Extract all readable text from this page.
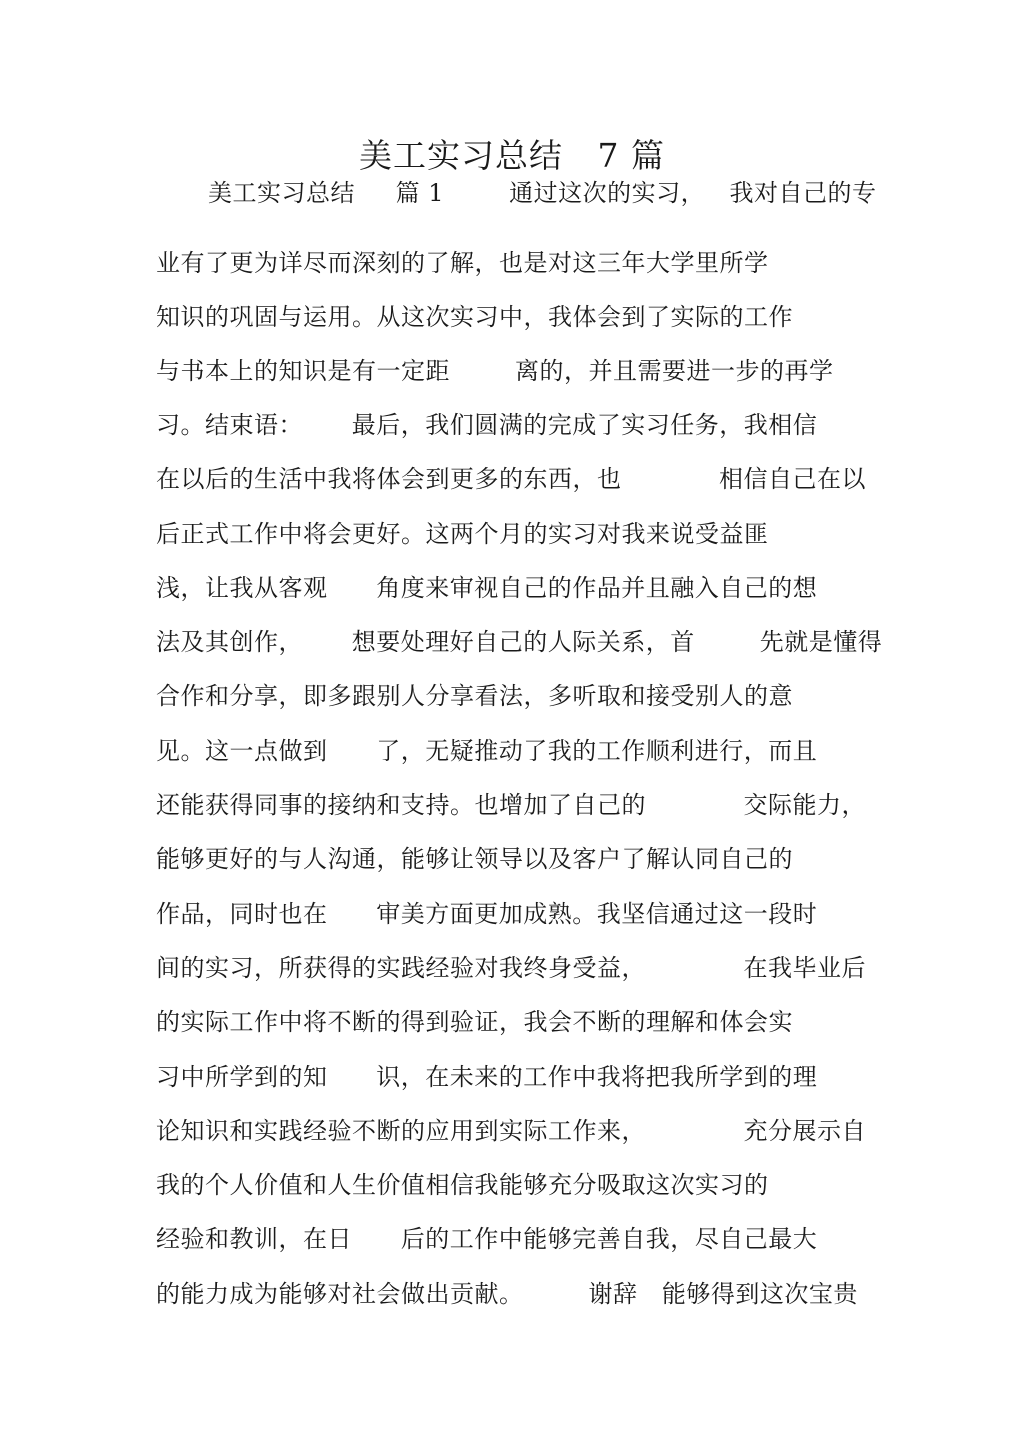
美工实习总结   7 篇
美工实习总结     篇 1        通过这次的实习，   我对自己的专
业有了更为详尽而深刻的了解，也是对这三年大学里所学
知识的巩固与运用。从这次实习中，我体会到了实际的工作
与书本上的知识是有一定距        离的，并且需要进一步的再学
习。结束语：      最后，我们圆满的完成了实习任务，我相信
在以后的生活中我将体会到更多的东西，也            相信自己在以
后正式工作中将会更好。这两个月的实习对我来说受益匪
浅，让我从客观      角度来审视自己的作品并且融入自己的想
法及其创作，      想要处理好自己的人际关系，首        先就是懂得
合作和分享，即多跟别人分享看法，多听取和接受别人的意
见。这一点做到      了，无疑推动了我的工作顺利进行，而且
还能获得同事的接纳和支持。也增加了自己的            交际能力，
能够更好的与人沟通，能够让领导以及客户了解认同自己的
作品，同时也在      审美方面更加成熟。我坚信通过这一段时
间的实习，所获得的实践经验对我终身受益，            在我毕业后
的实际工作中将不断的得到验证，我会不断的理解和体会实
习中所学到的知      识，在未来的工作中我将把我所学到的理
论知识和实践经验不断的应用到实际工作来，            充分展示自
我的个人价值和人生价值相信我能够充分吸取这次实习的
经验和教训，在日      后的工作中能够完善自我，尽自己最大
的能力成为能够对社会做出贡献。        谢辞   能够得到这次宝贵
